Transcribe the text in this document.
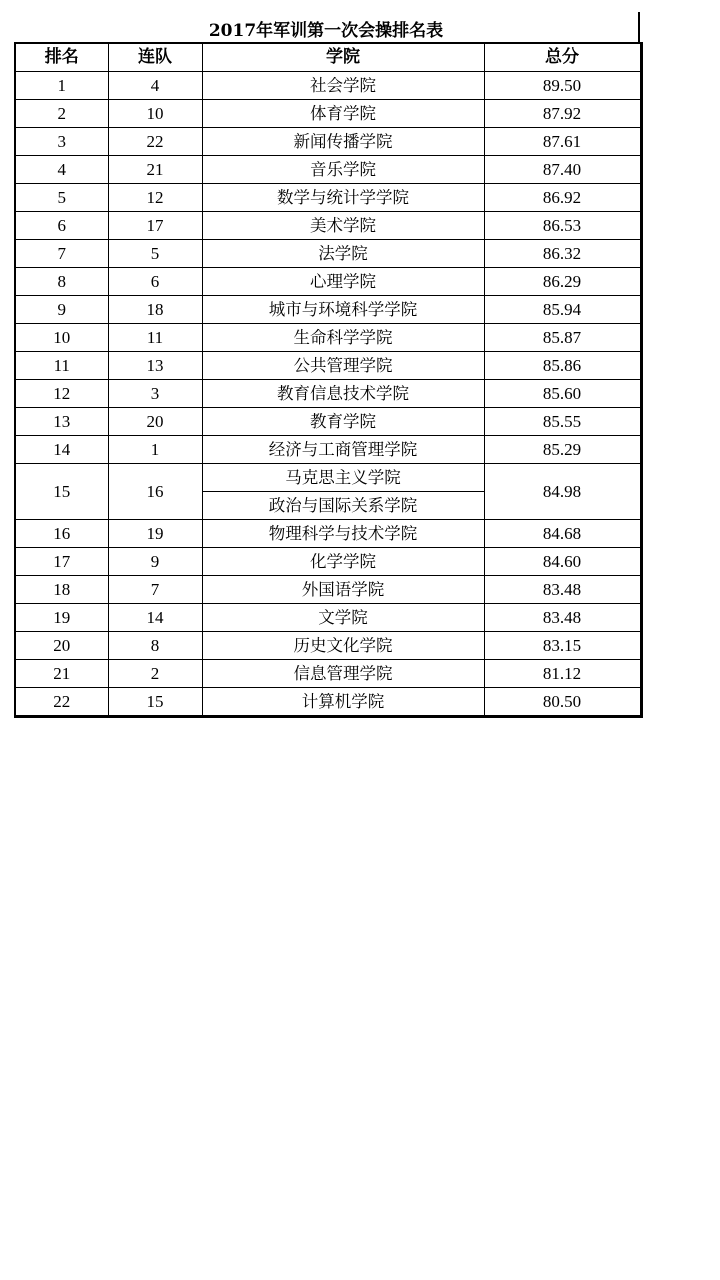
2017年军训第一次会操排名表
排名	连队	学院	总分
1	4	社会学院	89.50
2	10	体育学院	87.92
3	22	新闻传播学院	87.61
4	21	音乐学院	87.40
5	12	数学与统计学学院	86.92
6	17	美术学院	86.53
7	5	法学院	86.32
8	6	心理学院	86.29
9	18	城市与环境科学学院	85.94
10	11	生命科学学院	85.87
11	13	公共管理学院	85.86
12	3	教育信息技术学院	85.60
13	20	教育学院	85.55
14	1	经济与工商管理学院	85.29
15	16	马克思主义学院	84.98
		政治与国际关系学院	
16	19	物理科学与技术学院	84.68
17	9	化学学院	84.60
18	7	外国语学院	83.48
19	14	文学院	83.48
20	8	历史文化学院	83.15
21	2	信息管理学院	81.12
22	15	计算机学院	80.50
